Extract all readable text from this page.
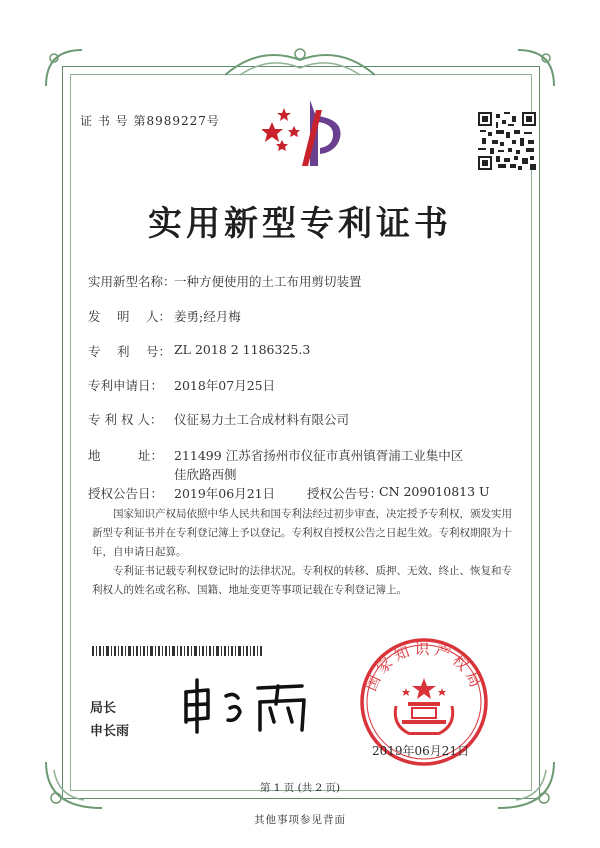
证 书 号 第8989227号
实用新型专利证书
实用新型名称：
一种方便使用的土工布用剪切装置
发　 明　 人： 姜勇;经月梅
专　 利　 号： ZL 2018 2 1186325.3
专利申请日： 2018年07月25日
专 利 权 人： 仪征易力土工合成材料有限公司
地　　　址： 211499 江苏省扬州市仪征市真州镇胥浦工业集中区佳欣路西侧
授权公告日： 2019年06月21日	授权公告号：
CN 209010813 U

国家知识产权局依照中华人民共和国专利法经过初步审查，决定授予专利权，颁发实用新型专利证书并在专利登记簿上予以登记。专利权自授权公告之日起生效。专利权期限为十年，自申请日起算。

专利证书记载专利权登记时的法律状况。专利权的转移、质押、无效、终止、恢复和专利权人的姓名或名称、国籍、地址变更等事项记载在专利登记簿上。

局长
申长雨
国家知识产权局
2019年06月21日
第 1 页 (共 2 页)
其他事项参见背面
